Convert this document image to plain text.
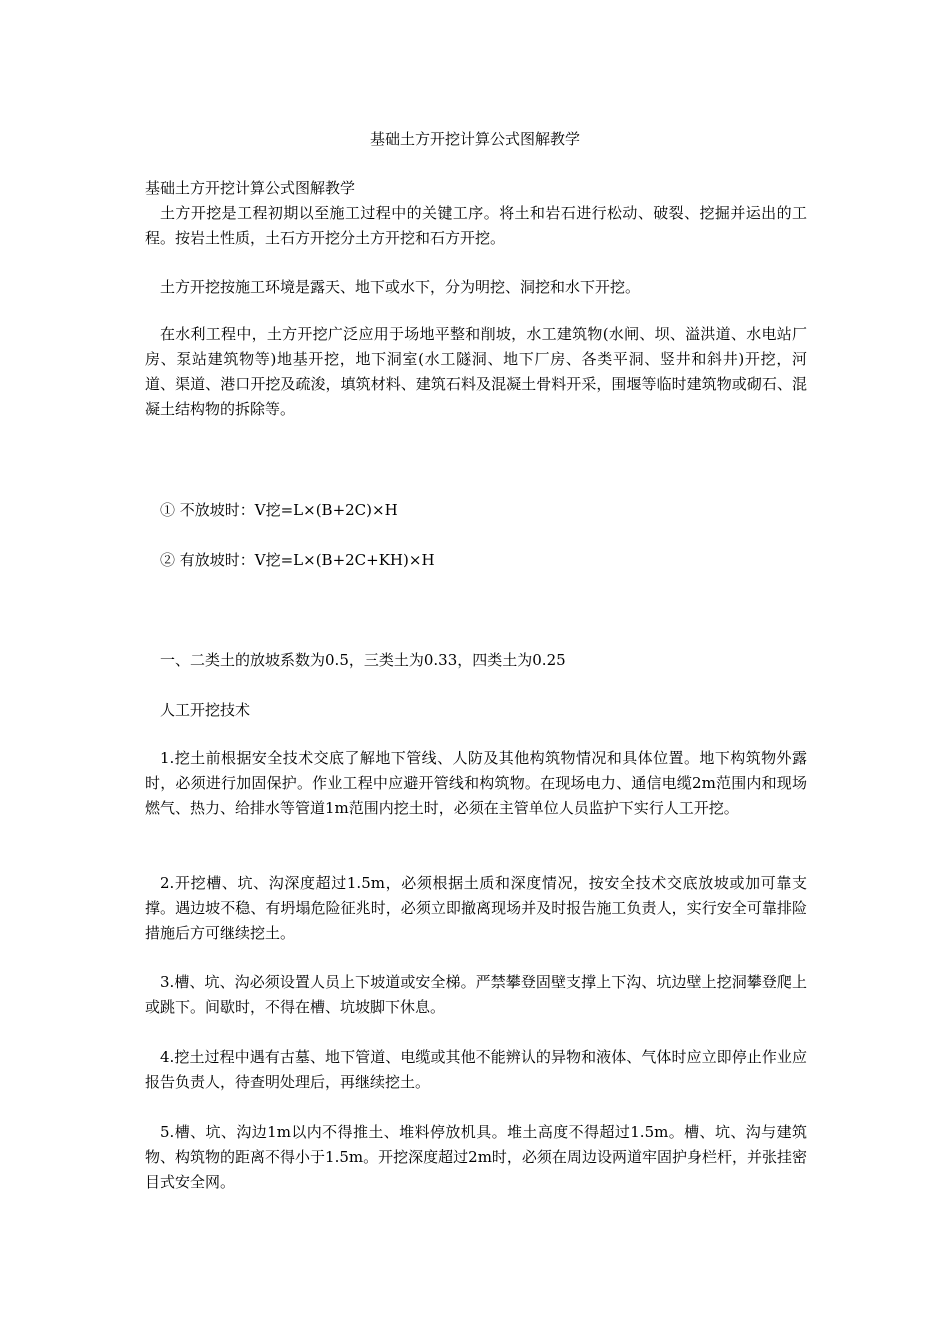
基础土方开挖计算公式图解教学

基础土方开挖计算公式图解教学

土方开挖是工程初期以至施工过程中的关键工序。将土和岩石进行松动、破裂、挖掘并运出的工程。按岩土性质，土石方开挖分土方开挖和石方开挖。

土方开挖按施工环境是露天、地下或水下，分为明挖、洞挖和水下开挖。

在水利工程中，土方开挖广泛应用于场地平整和削坡，水工建筑物(水闸、坝、溢洪道、水电站厂房、泵站建筑物等)地基开挖，地下洞室(水工隧洞、地下厂房、各类平洞、竖井和斜井)开挖，河道、渠道、港口开挖及疏浚，填筑材料、建筑石料及混凝土骨料开采，围堰等临时建筑物或砌石、混凝土结构物的拆除等。

① 不放坡时：V挖=L×(B+2C)×H

② 有放坡时：V挖=L×(B+2C+KH)×H

一、二类土的放坡系数为0.5，三类土为0.33，四类土为0.25

人工开挖技术

1.挖土前根据安全技术交底了解地下管线、人防及其他构筑物情况和具体位置。地下构筑物外露时，必须进行加固保护。作业工程中应避开管线和构筑物。在现场电力、通信电缆2m范围内和现场燃气、热力、给排水等管道1m范围内挖土时，必须在主管单位人员监护下实行人工开挖。

2.开挖槽、坑、沟深度超过1.5m，必须根据土质和深度情况，按安全技术交底放坡或加可靠支撑。遇边坡不稳、有坍塌危险征兆时，必须立即撤离现场并及时报告施工负责人，实行安全可靠排险措施后方可继续挖土。

3.槽、坑、沟必须设置人员上下坡道或安全梯。严禁攀登固壁支撑上下沟、坑边壁上挖洞攀登爬上或跳下。间歇时，不得在槽、坑坡脚下休息。

4.挖土过程中遇有古墓、地下管道、电缆或其他不能辨认的异物和液体、气体时应立即停止作业应报告负责人，待查明处理后，再继续挖土。

5.槽、坑、沟边1m以内不得推土、堆料停放机具。堆土高度不得超过1.5m。槽、坑、沟与建筑物、构筑物的距离不得小于1.5m。开挖深度超过2m时，必须在周边设两道牢固护身栏杆，并张挂密目式安全网。
